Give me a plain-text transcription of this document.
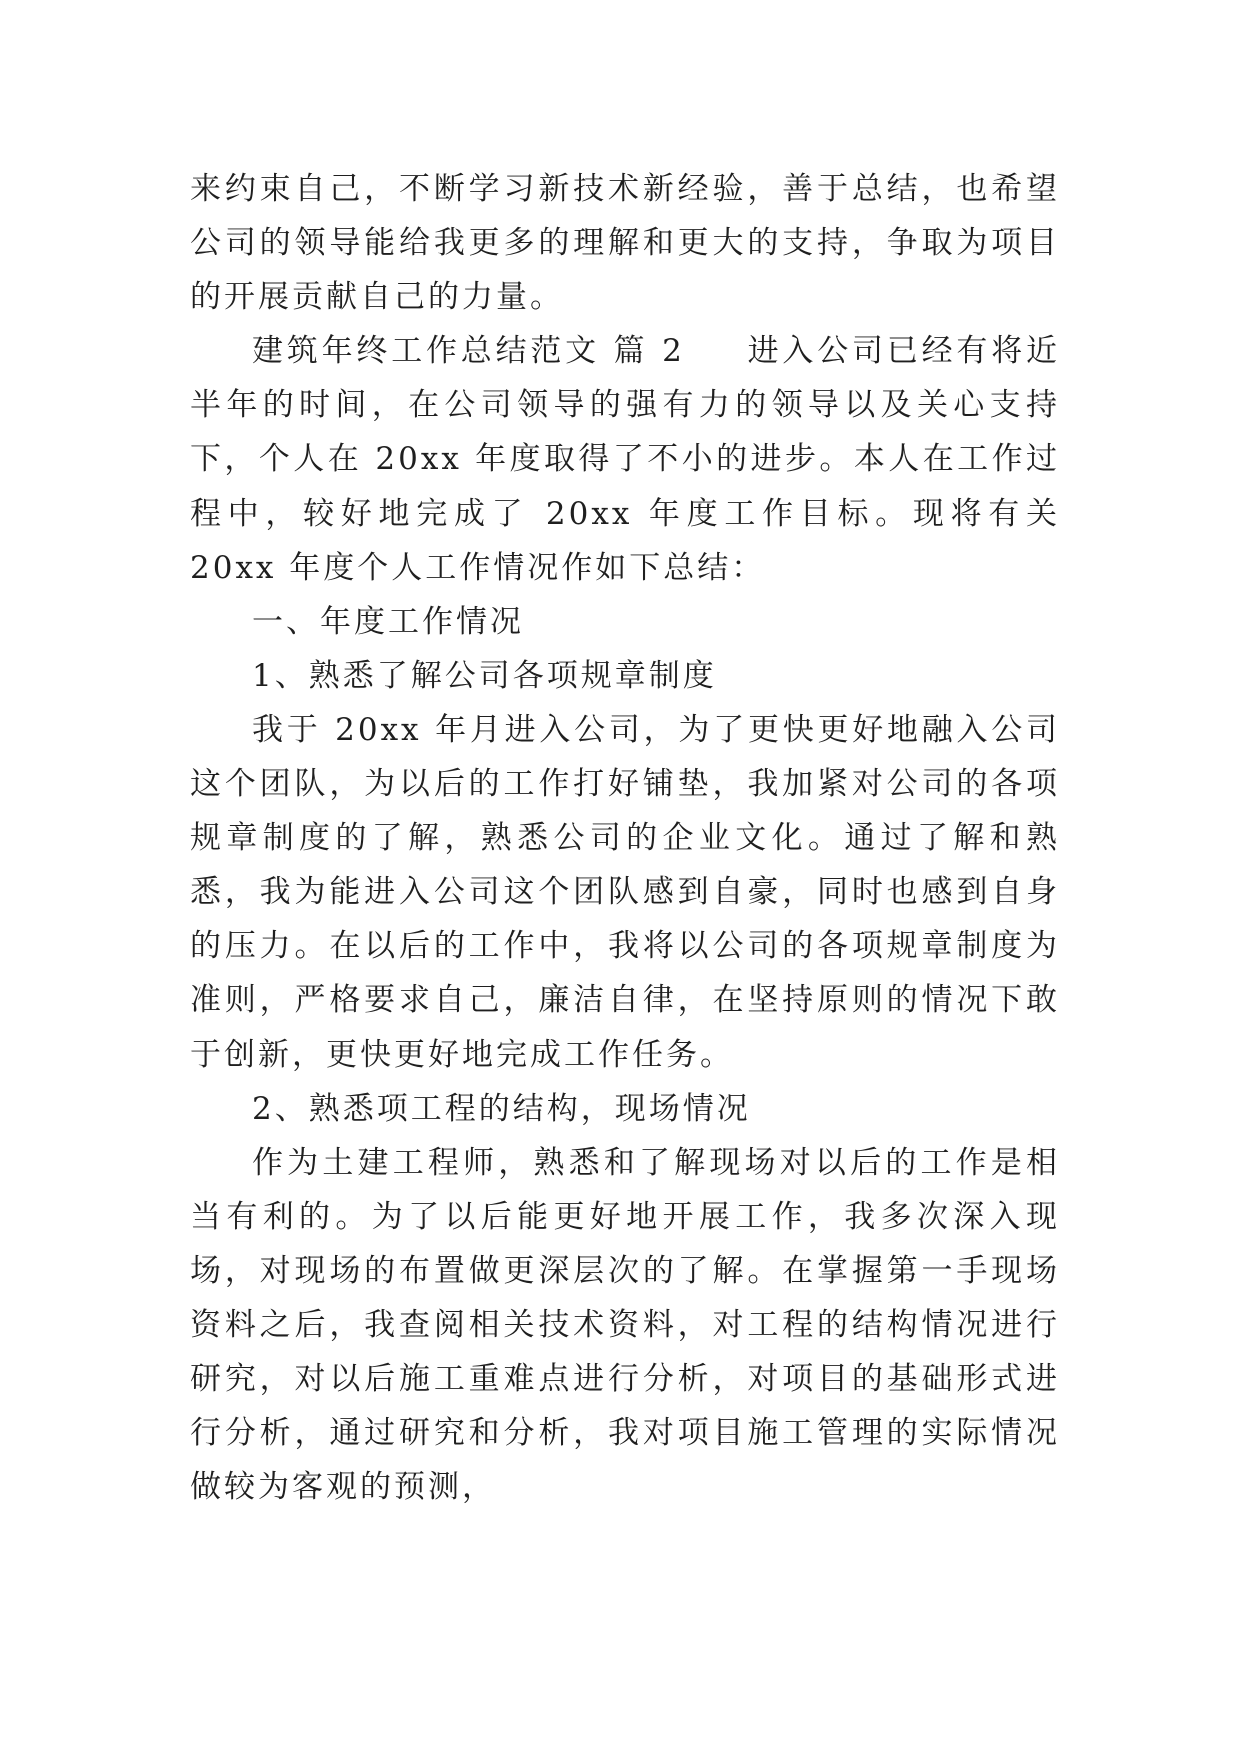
来约束自己，不断学习新技术新经验，善于总结，也希望公司的领导能给我更多的理解和更大的支持，争取为项目的开展贡献自己的力量。

建筑年终工作总结范文 篇 2 进入公司已经有将近半年的时间，在公司领导的强有力的领导以及关心支持下，个人在 20xx 年度取得了不小的进步。本人在工作过程中，较好地完成了 20xx 年度工作目标。现将有关 20xx 年度个人工作情况作如下总结：

一、年度工作情况

1、熟悉了解公司各项规章制度

我于 20xx 年月进入公司，为了更快更好地融入公司这个团队，为以后的工作打好铺垫，我加紧对公司的各项规章制度的了解，熟悉公司的企业文化。通过了解和熟悉，我为能进入公司这个团队感到自豪，同时也感到自身的压力。在以后的工作中，我将以公司的各项规章制度为准则，严格要求自己，廉洁自律，在坚持原则的情况下敢于创新，更快更好地完成工作任务。

2、熟悉项工程的结构，现场情况

作为土建工程师，熟悉和了解现场对以后的工作是相当有利的。为了以后能更好地开展工作，我多次深入现场，对现场的布置做更深层次的了解。在掌握第一手现场资料之后，我查阅相关技术资料，对工程的结构情况进行研究，对以后施工重难点进行分析，对项目的基础形式进行分析，通过研究和分析，我对项目施工管理的实际情况做较为客观的预测，
